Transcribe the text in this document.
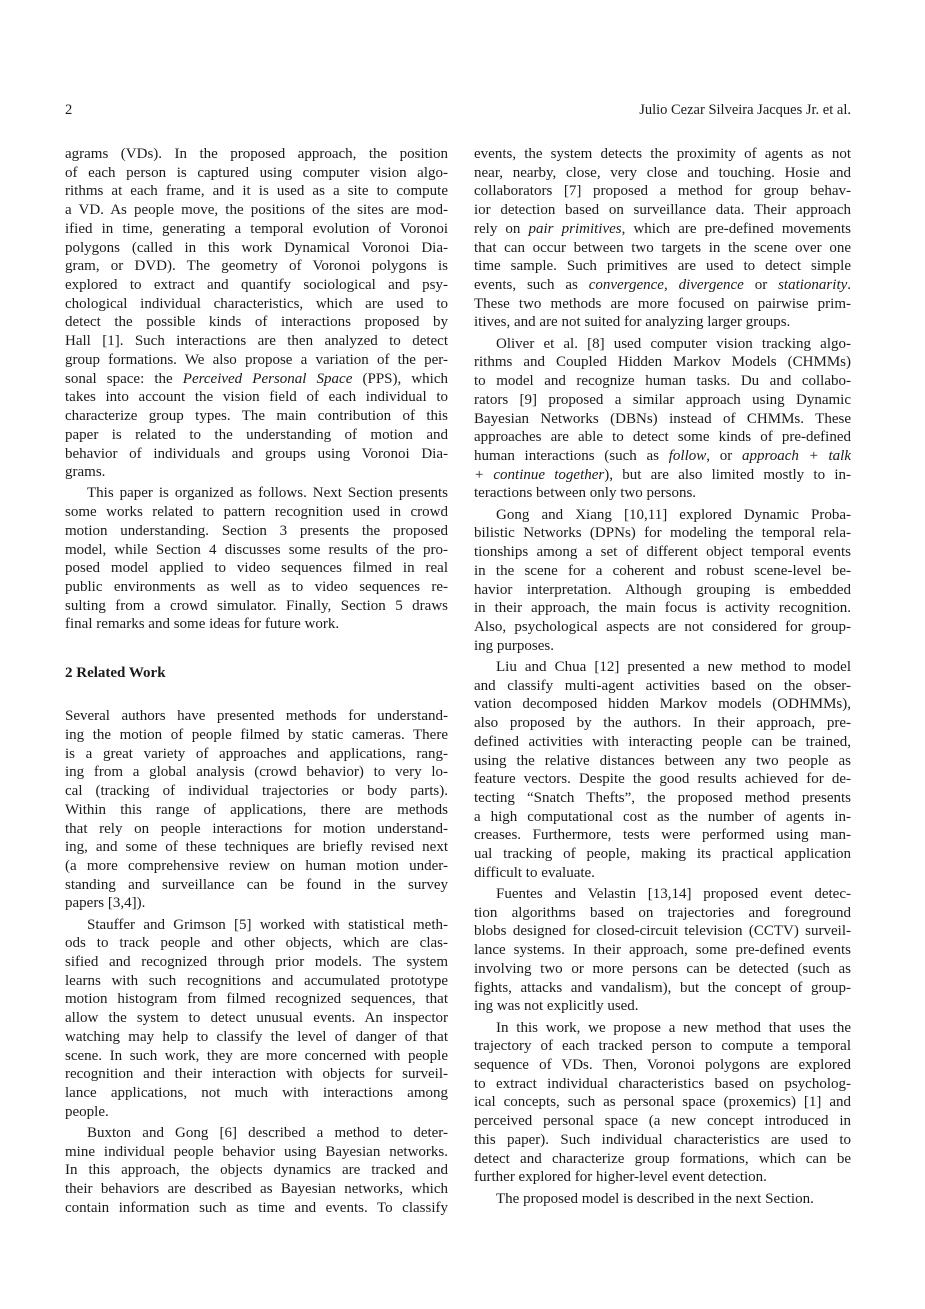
2	Julio Cezar Silveira Jacques Jr. et al.
agrams (VDs). In the proposed approach, the position
of each person is captured using computer vision algo-
rithms at each frame, and it is used as a site to compute
a VD. As people move, the positions of the sites are mod-
ified in time, generating a temporal evolution of Voronoi
polygons (called in this work Dynamical Voronoi Dia-
gram, or DVD). The geometry of Voronoi polygons is
explored to extract and quantify sociological and psy-
chological individual characteristics, which are used to
detect the possible kinds of interactions proposed by
Hall [1]. Such interactions are then analyzed to detect
group formations. We also propose a variation of the per-
sonal space: the Perceived Personal Space (PPS), which
takes into account the vision field of each individual to
characterize group types. The main contribution of this
paper is related to the understanding of motion and
behavior of individuals and groups using Voronoi Dia-
grams.
This paper is organized as follows. Next Section presents
some works related to pattern recognition used in crowd
motion understanding. Section 3 presents the proposed
model, while Section 4 discusses some results of the pro-
posed model applied to video sequences filmed in real
public environments as well as to video sequences re-
sulting from a crowd simulator. Finally, Section 5 draws
final remarks and some ideas for future work.
2 Related Work
Several authors have presented methods for understand-
ing the motion of people filmed by static cameras. There
is a great variety of approaches and applications, rang-
ing from a global analysis (crowd behavior) to very lo-
cal (tracking of individual trajectories or body parts).
Within this range of applications, there are methods
that rely on people interactions for motion understand-
ing, and some of these techniques are briefly revised next
(a more comprehensive review on human motion under-
standing and surveillance can be found in the survey
papers [3,4]).
Stauffer and Grimson [5] worked with statistical meth-
ods to track people and other objects, which are clas-
sified and recognized through prior models. The system
learns with such recognitions and accumulated prototype
motion histogram from filmed recognized sequences, that
allow the system to detect unusual events. An inspector
watching may help to classify the level of danger of that
scene. In such work, they are more concerned with people
recognition and their interaction with objects for surveil-
lance applications, not much with interactions among
people.
Buxton and Gong [6] described a method to deter-
mine individual people behavior using Bayesian networks.
In this approach, the objects dynamics are tracked and
their behaviors are described as Bayesian networks, which
contain information such as time and events. To classify
events, the system detects the proximity of agents as not
near, nearby, close, very close and touching. Hosie and
collaborators [7] proposed a method for group behav-
ior detection based on surveillance data. Their approach
rely on pair primitives, which are pre-defined movements
that can occur between two targets in the scene over one
time sample. Such primitives are used to detect simple
events, such as convergence, divergence or stationarity.
These two methods are more focused on pairwise prim-
itives, and are not suited for analyzing larger groups.
Oliver et al. [8] used computer vision tracking algo-
rithms and Coupled Hidden Markov Models (CHMMs)
to model and recognize human tasks. Du and collabo-
rators [9] proposed a similar approach using Dynamic
Bayesian Networks (DBNs) instead of CHMMs. These
approaches are able to detect some kinds of pre-defined
human interactions (such as follow, or approach + talk
+ continue together), but are also limited mostly to in-
teractions between only two persons.
Gong and Xiang [10,11] explored Dynamic Proba-
bilistic Networks (DPNs) for modeling the temporal rela-
tionships among a set of different object temporal events
in the scene for a coherent and robust scene-level be-
havior interpretation. Although grouping is embedded
in their approach, the main focus is activity recognition.
Also, psychological aspects are not considered for group-
ing purposes.
Liu and Chua [12] presented a new method to model
and classify multi-agent activities based on the obser-
vation decomposed hidden Markov models (ODHMMs),
also proposed by the authors. In their approach, pre-
defined activities with interacting people can be trained,
using the relative distances between any two people as
feature vectors. Despite the good results achieved for de-
tecting “Snatch Thefts”, the proposed method presents
a high computational cost as the number of agents in-
creases. Furthermore, tests were performed using man-
ual tracking of people, making its practical application
difficult to evaluate.
Fuentes and Velastin [13,14] proposed event detec-
tion algorithms based on trajectories and foreground
blobs designed for closed-circuit television (CCTV) surveil-
lance systems. In their approach, some pre-defined events
involving two or more persons can be detected (such as
fights, attacks and vandalism), but the concept of group-
ing was not explicitly used.
In this work, we propose a new method that uses the
trajectory of each tracked person to compute a temporal
sequence of VDs. Then, Voronoi polygons are explored
to extract individual characteristics based on psycholog-
ical concepts, such as personal space (proxemics) [1] and
perceived personal space (a new concept introduced in
this paper). Such individual characteristics are used to
detect and characterize group formations, which can be
further explored for higher-level event detection.
The proposed model is described in the next Section.
